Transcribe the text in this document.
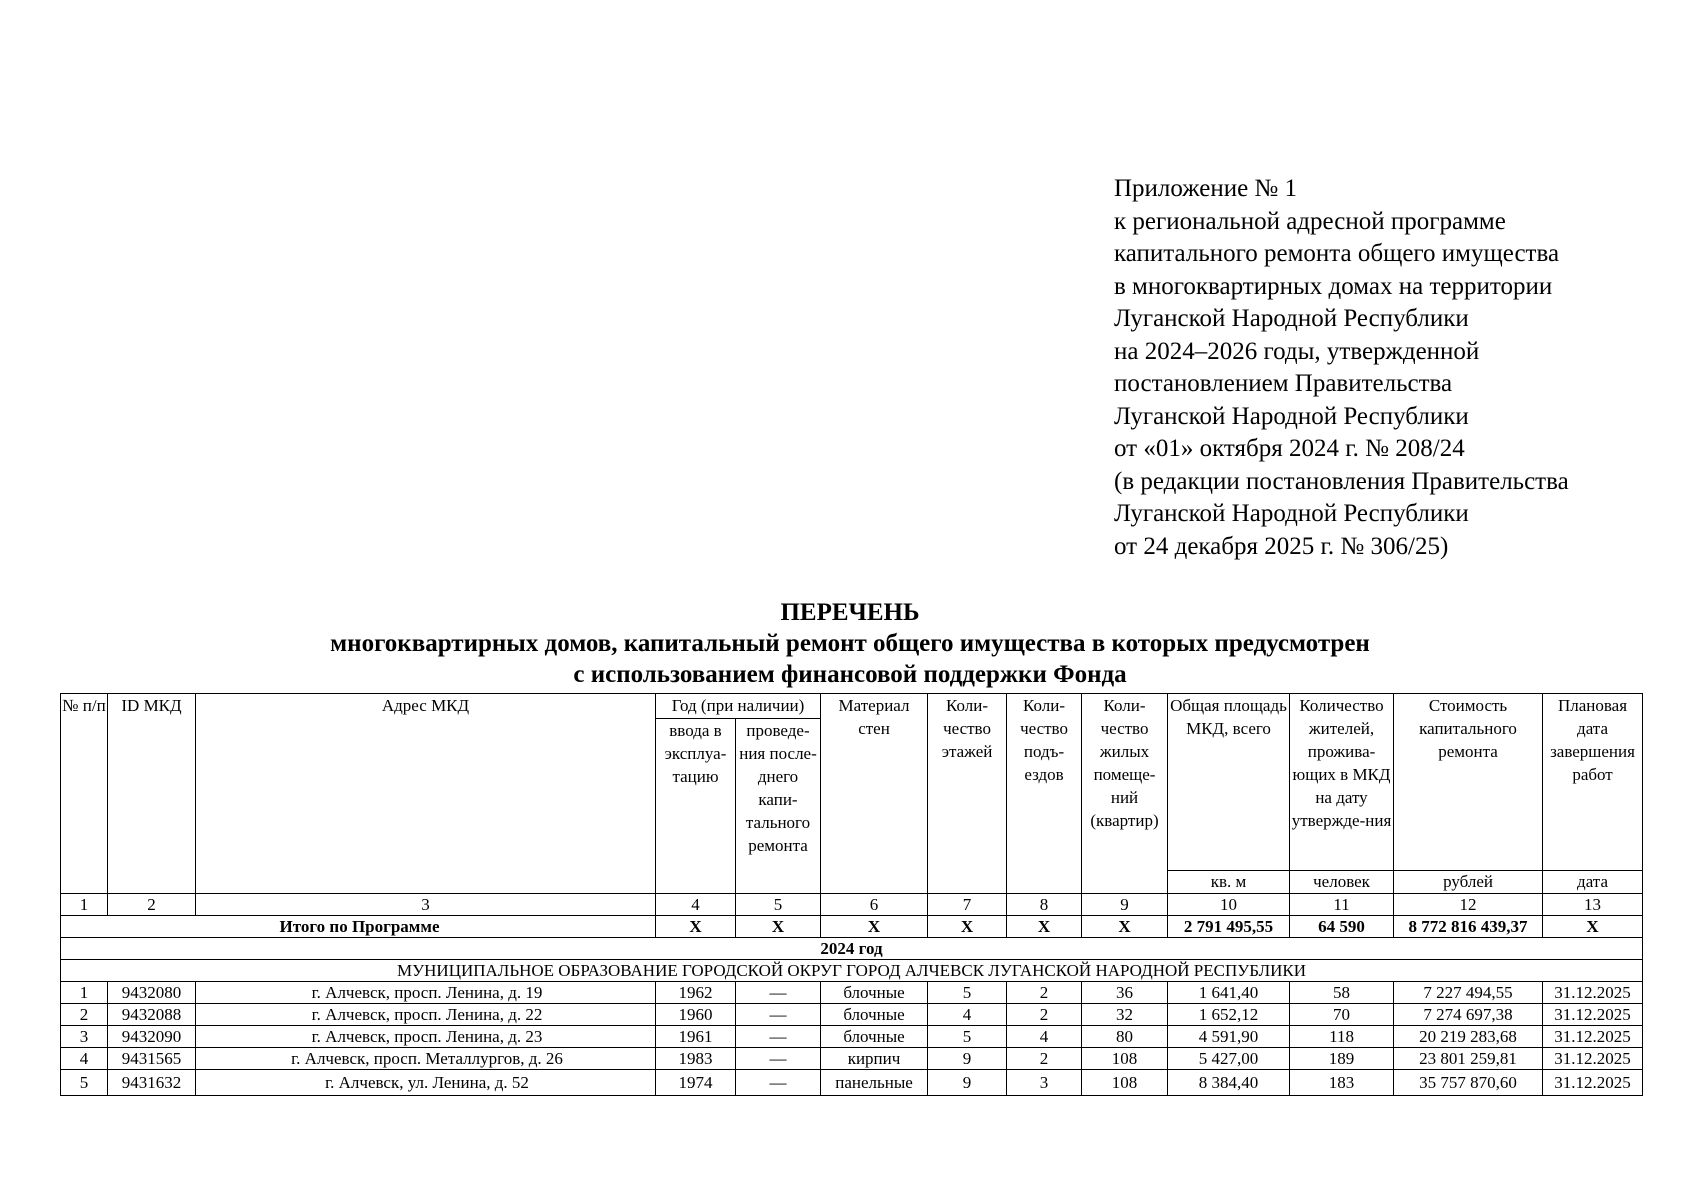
Приложение № 1
к региональной адресной программе
капитального ремонта общего имущества
в многоквартирных домах на территории
Луганской Народной Республики
на 2024–2026 годы, утвержденной
постановлением Правительства
Луганской Народной Республики
от «01» октября 2024 г. № 208/24
(в редакции постановления Правительства
Луганской Народной Республики
от 24 декабря 2025 г. № 306/25)
ПЕРЕЧЕНЬ
многоквартирных домов, капитальный ремонт общего имущества в которых предусмотрен
с использованием финансовой поддержки Фонда
№ п/п	ID МКД	Адрес МКД	Год (при наличии)		Материал стен	Коли-чество этажей	Коли-чество подъ-ездов	Коли-чество жилых помеще-ний (квартир)	Общая площадь МКД, всего	Количество жителей, прожива-ющих в МКД на дату утвержде-ния	Стоимость капитального ремонта	Плановая дата завершения работ
			ввода в эксплуа-тацию	проведе-ния после-днего капи-тального ремонта								
									кв. м	человек	рублей	дата
1	2	3	4	5	6	7	8	9	10	11	12	13
Итого по Программе			X	X	X	X	X	X	2 791 495,55	64 590	8 772 816 439,37	X
2024 год												
МУНИЦИПАЛЬНОЕ ОБРАЗОВАНИЕ ГОРОДСКОЙ ОКРУГ ГОРОД АЛЧЕВСК ЛУГАНСКОЙ НАРОДНОЙ РЕСПУБЛИКИ												
1	9432080	г. Алчевск, просп. Ленина, д. 19	1962	—	блочные	5	2	36	1 641,40	58	7 227 494,55	31.12.2025
2	9432088	г. Алчевск, просп. Ленина, д. 22	1960	—	блочные	4	2	32	1 652,12	70	7 274 697,38	31.12.2025
3	9432090	г. Алчевск, просп. Ленина, д. 23	1961	—	блочные	5	4	80	4 591,90	118	20 219 283,68	31.12.2025
4	9431565	г. Алчевск, просп. Металлургов, д. 26	1983	—	кирпич	9	2	108	5 427,00	189	23 801 259,81	31.12.2025
5	9431632	г. Алчевск, ул. Ленина, д. 52	1974	—	панельные	9	3	108	8 384,40	183	35 757 870,60	31.12.2025
